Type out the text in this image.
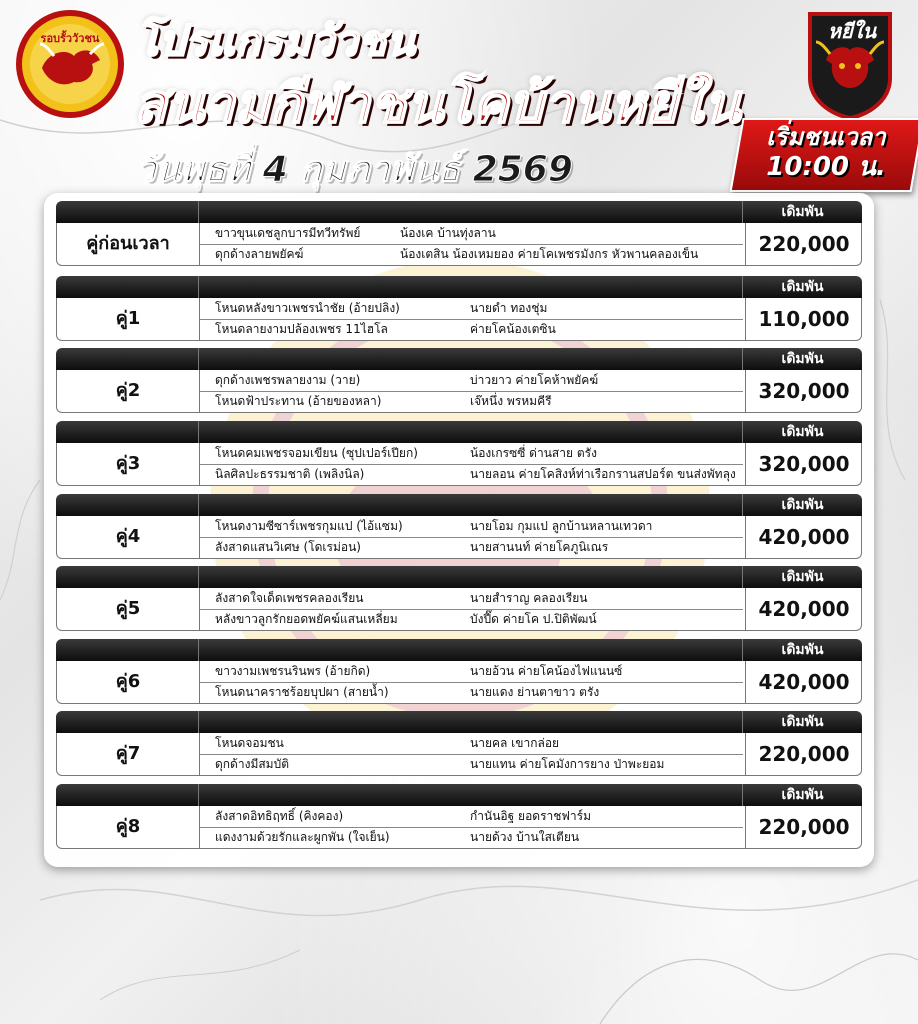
รอบรั้ววัวชน	หยีใน
โปรแกรมวัวชน
สนามกีฬาชนโคบ้านหยีใน
วันพุธที่ 4 กุมภาพันธ์ 2569
เริ่มชนเวลา
10:00 น.
เดิมพัน
คู่ก่อนเวลา	ขาวขุนเดชลูกบารมีทวีทรัพย์	น้องเค บ้านทุ่งลาน
ดุกด้างลายพยัคฆ์	น้องเตสิน น้องเหมยอง ค่ายโคเพชรมังกร หัวพานคลองเข็น	220,000
เดิมพัน
คู่1	โหนดหลังขาวเพชรนำชัย (อ้ายปลิง)	นายดำ ทองชุ่ม
โหนดลายงามปล้องเพชร 11ไฮโล	ค่ายโคน้องเตซิน	110,000
เดิมพัน
คู่2	ดุกด้างเพชรพลายงาม (วาย)	บ่าวยาว ค่ายโคห้าพยัคฆ์
โหนดฟ้าประทาน (อ้ายของหลา)	เจ๊หนึ่ง พรหมคีรี	320,000
เดิมพัน
คู่3	โหนดคมเพชรจอมเขียน (ซุปเปอร์เปียก)	น้องเกรซซี่ ด่านสาย ตรัง
นิลศิลปะธรรมชาติ (เพลิงนิล)	นายลอน ค่ายโคสิงห์ท่าเรือกรานสปอร์ต ขนส่งพัทลุง	320,000
เดิมพัน
คู่4	โหนดงามซีซาร์เพชรกุมแป (ไอ้แซม)	นายโอม กุมแป ลูกบ้านหลานเทวดา
ลังสาดแสนวิเศษ (โดเรม่อน)	นายสานนท์ ค่ายโคภูนิเณร	420,000
เดิมพัน
คู่5	ลังสาดใจเด็ดเพชรคลองเรียน	นายสำราญ คลองเรียน
หลังขาวลูกรักยอดพยัคฆ์แสนเหลี่ยม	บังปี๊ด ค่ายโค ป.ปิติพัฒน์	420,000
เดิมพัน
คู่6	ขาวงามเพชรนรินพร (อ้ายกิด)	นายอ้วน ค่ายโคน้องไฟแนนซ์
โหนดนาคราชร้อยบุปผา (สายน้ำ)	นายแดง ย่านตาขาว ตรัง	420,000
เดิมพัน
คู่7	โหนดจอมชน	นายคล เขากล่อย
ดุกด้างมีสมบัติ	นายแทน ค่ายโคมังการยาง ป่าพะยอม	220,000
เดิมพัน
คู่8	ลังสาดอิทธิฤทธิ์ (คิงคอง)	กำนันอิฐ ยอดราชฟาร์ม
แดงงามด้วยรักและผูกพัน (ใจเย็น)	นายด้วง บ้านใสเตียน	220,000
